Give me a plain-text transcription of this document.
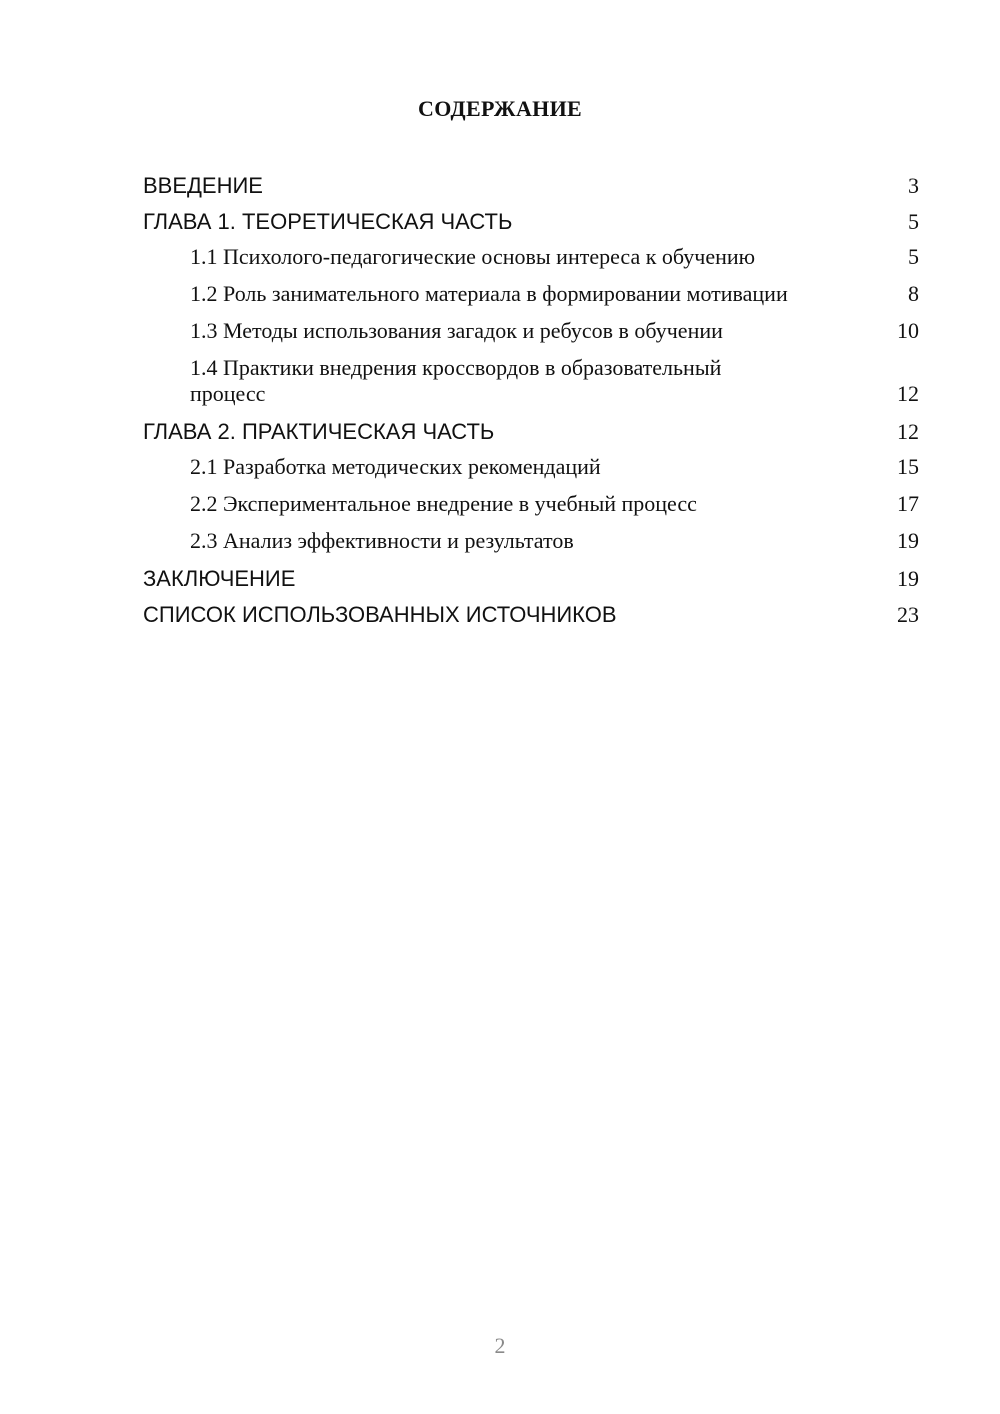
СОДЕРЖАНИЕ
ВВЕДЕНИЕ	3
ГЛАВА 1. ТЕОРЕТИЧЕСКАЯ ЧАСТЬ	5
1.1 Психолого-педагогические основы интереса к обучению	5
1.2 Роль занимательного материала в формировании мотивации	8
1.3 Методы использования загадок и ребусов в обучении	10
1.4 Практики внедрения кроссвордов в образовательный процесс	12
ГЛАВА 2. ПРАКТИЧЕСКАЯ ЧАСТЬ	12
2.1 Разработка методических рекомендаций	15
2.2 Экспериментальное внедрение в учебный процесс	17
2.3 Анализ эффективности и результатов	19
ЗАКЛЮЧЕНИЕ	19
СПИСОК ИСПОЛЬЗОВАННЫХ ИСТОЧНИКОВ	23
2
